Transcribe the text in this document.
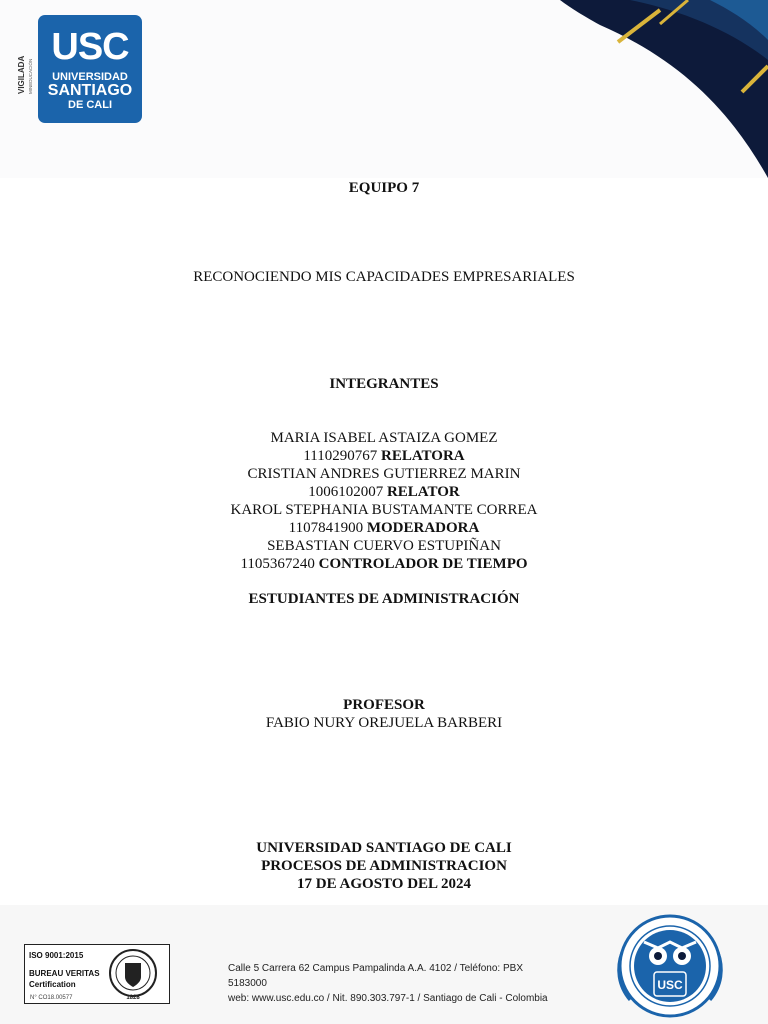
VIGILADA MINEDUCACIÓN
USC
UNIVERSIDAD
SANTIAGO
DE CALI
EQUIPO 7
RECONOCIENDO MIS CAPACIDADES EMPRESARIALES
INTEGRANTES
MARIA ISABEL ASTAIZA GOMEZ
1110290767 RELATORA
CRISTIAN ANDRES GUTIERREZ MARIN
1006102007 RELATOR
KAROL STEPHANIA BUSTAMANTE CORREA
1107841900 MODERADORA
SEBASTIAN CUERVO ESTUPIÑAN
1105367240 CONTROLADOR DE TIEMPO
ESTUDIANTES DE ADMINISTRACIÓN
PROFESOR
FABIO NURY OREJUELA BARBERI
UNIVERSIDAD SANTIAGO DE CALI
PROCESOS DE ADMINISTRACION
17 DE AGOSTO DEL 2024
ISO 9001:2015
BUREAU VERITAS
Certification
1828
N° CO18.00577
Calle 5 Carrera 62 Campus Pampalinda A.A. 4102 / Teléfono: PBX 5183000
web: www.usc.edu.co / Nit. 890.303.797-1 / Santiago de Cali - Colombia
USC
